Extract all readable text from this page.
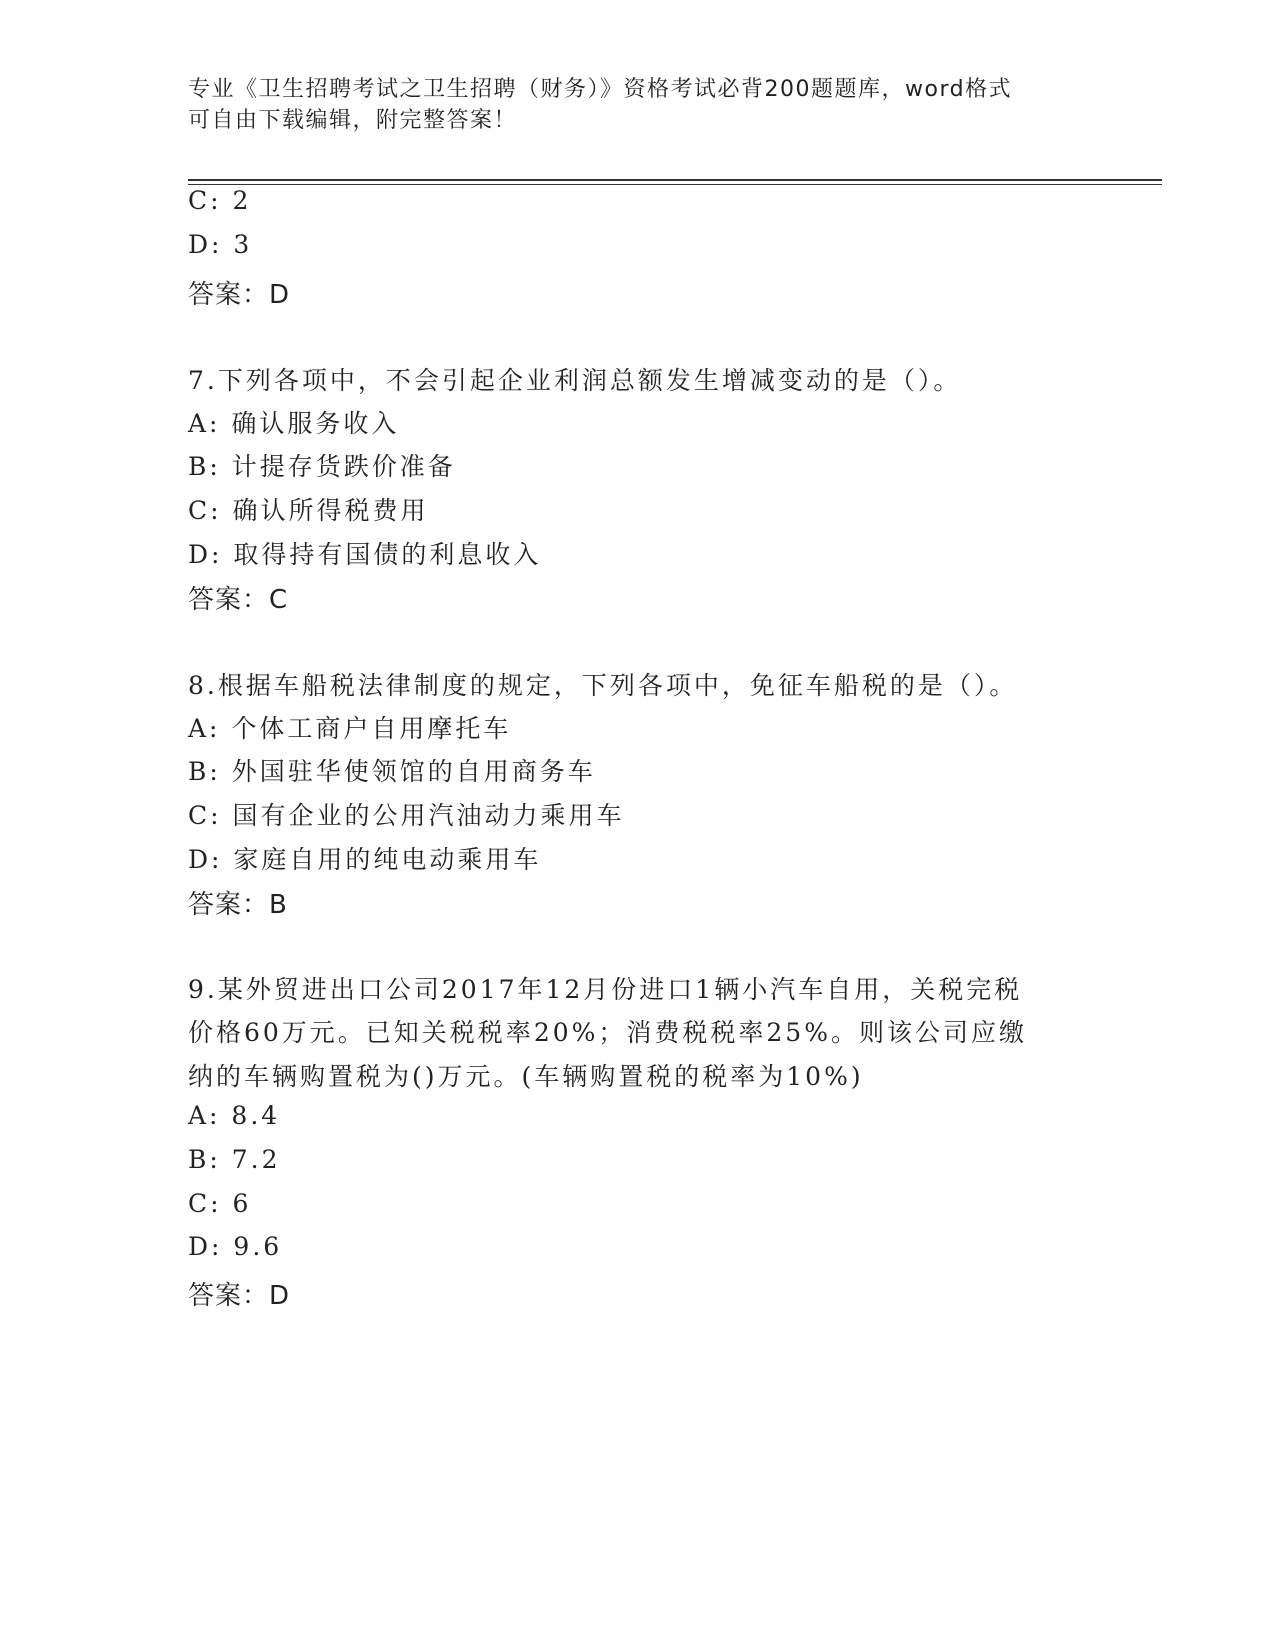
专业《卫生招聘考试之卫生招聘（财务）》资格考试必背200题题库，word格式
可自由下载编辑，附完整答案！
C: 2
D: 3
答案：D
7.下列各项中，不会引起企业利润总额发生增减变动的是（）。
A: 确认服务收入
B: 计提存货跌价准备
C: 确认所得税费用
D: 取得持有国债的利息收入
答案：C
8.根据车船税法律制度的规定，下列各项中，免征车船税的是（）。
A: 个体工商户自用摩托车
B: 外国驻华使领馆的自用商务车
C: 国有企业的公用汽油动力乘用车
D: 家庭自用的纯电动乘用车
答案：B
9.某外贸进出口公司2017年12月份进口1辆小汽车自用，关税完税
价格60万元。已知关税税率20%；消费税税率25%。则该公司应缴
纳的车辆购置税为()万元。(车辆购置税的税率为10%)
A: 8.4
B: 7.2
C: 6
D: 9.6
答案：D
